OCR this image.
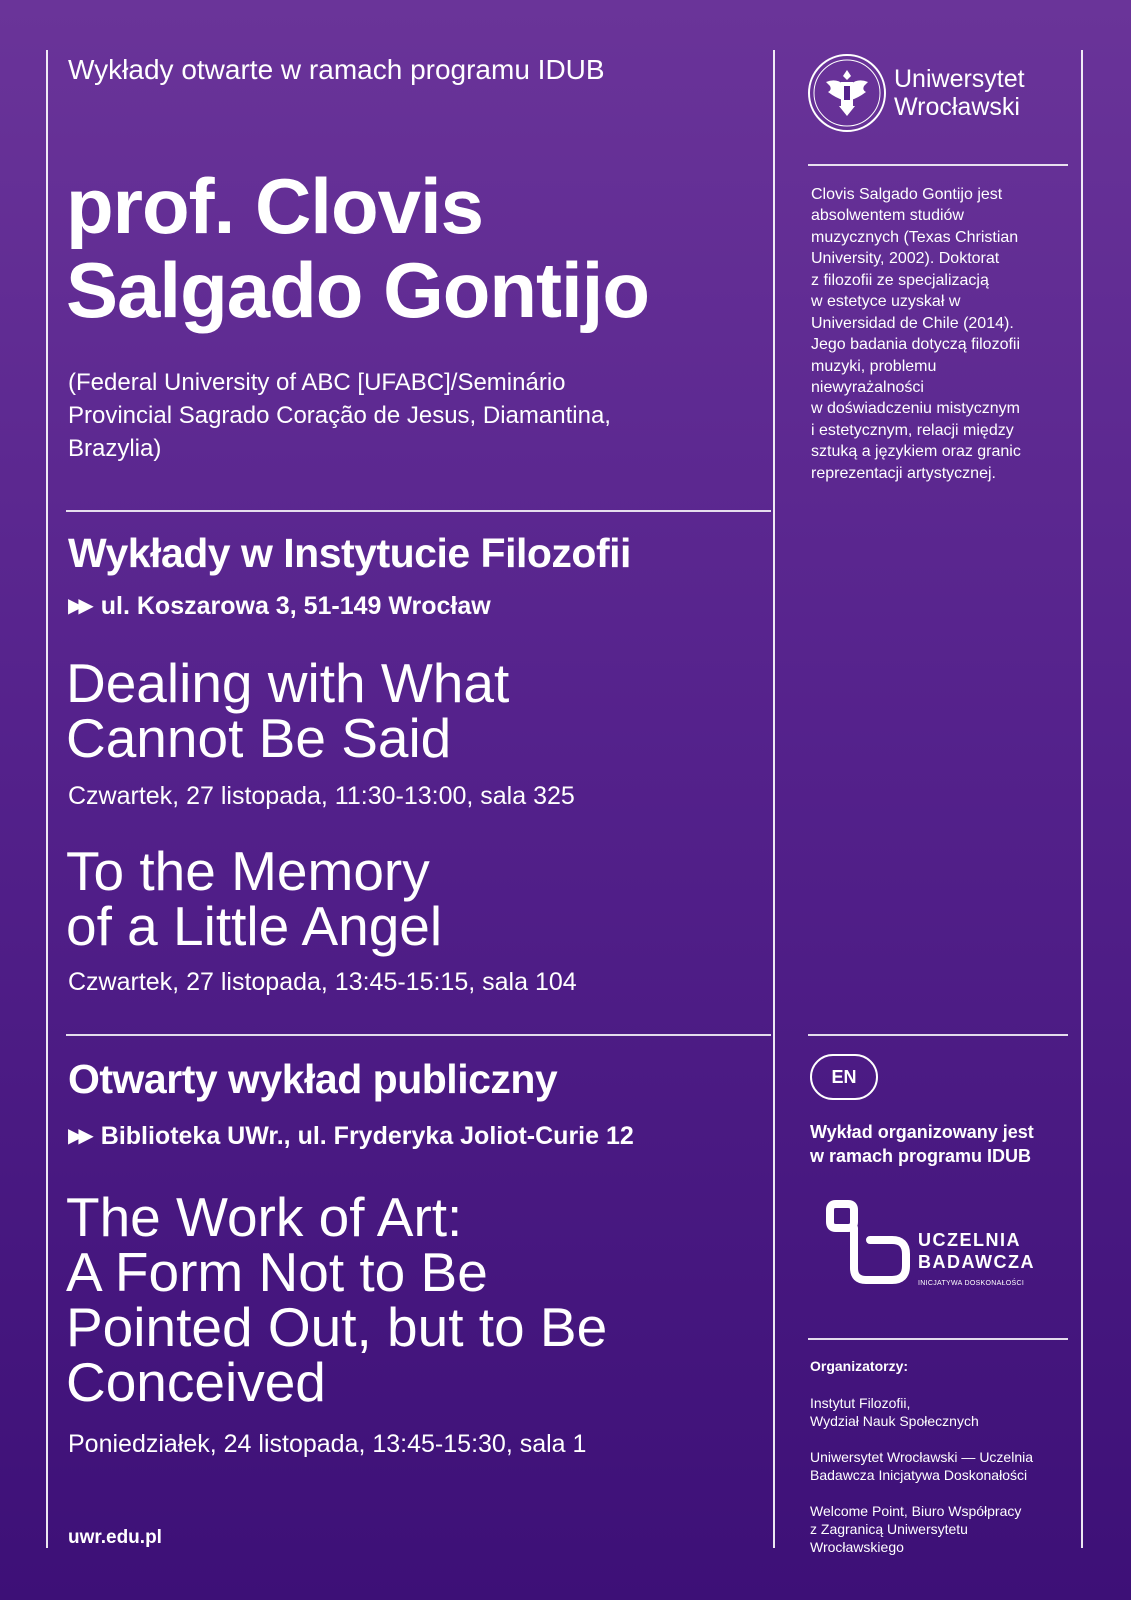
Wykłady otwarte w ramach programu IDUB
prof. Clovis
Salgado Gontijo
(Federal University of ABC [UFABC]/Seminário
Provincial Sagrado Coração de Jesus, Diamantina,
Brazylia)
Wykłady w Instytucie Filozofii
▶▶ ul. Koszarowa 3, 51-149 Wrocław
Dealing with What
Cannot Be Said
Czwartek, 27 listopada, 11:30-13:00, sala 325
To the Memory
of a Little Angel
Czwartek, 27 listopada, 13:45-15:15, sala 104
Otwarty wykład publiczny
▶▶ Biblioteka UWr., ul. Fryderyka Joliot-Curie 12
The Work of Art:
A Form Not to Be
Pointed Out, but to Be
Conceived
Poniedziałek, 24 listopada, 13:45-15:30, sala 1
uwr.edu.pl
Uniwersytet
Wrocławski
Clovis Salgado Gontijo jest
absolwentem studiów
muzycznych (Texas Christian
University, 2002). Doktorat
z filozofii ze specjalizacją
w estetyce uzyskał w
Universidad de Chile (2014).
Jego badania dotyczą filozofii
muzyki, problemu
niewyrażalności
w doświadczeniu mistycznym
i estetycznym, relacji między
sztuką a językiem oraz granic
reprezentacji artystycznej.
EN
Wykład organizowany jest
w ramach programu IDUB
UCZELNIA
BADAWCZA
INICJATYWA DOSKONAŁOŚCI
Organizatorzy:
Instytut Filozofii,
Wydział Nauk Społecznych
Uniwersytet Wrocławski — Uczelnia
Badawcza Inicjatywa Doskonałości
Welcome Point, Biuro Współpracy
z Zagranicą Uniwersytetu
Wrocławskiego
